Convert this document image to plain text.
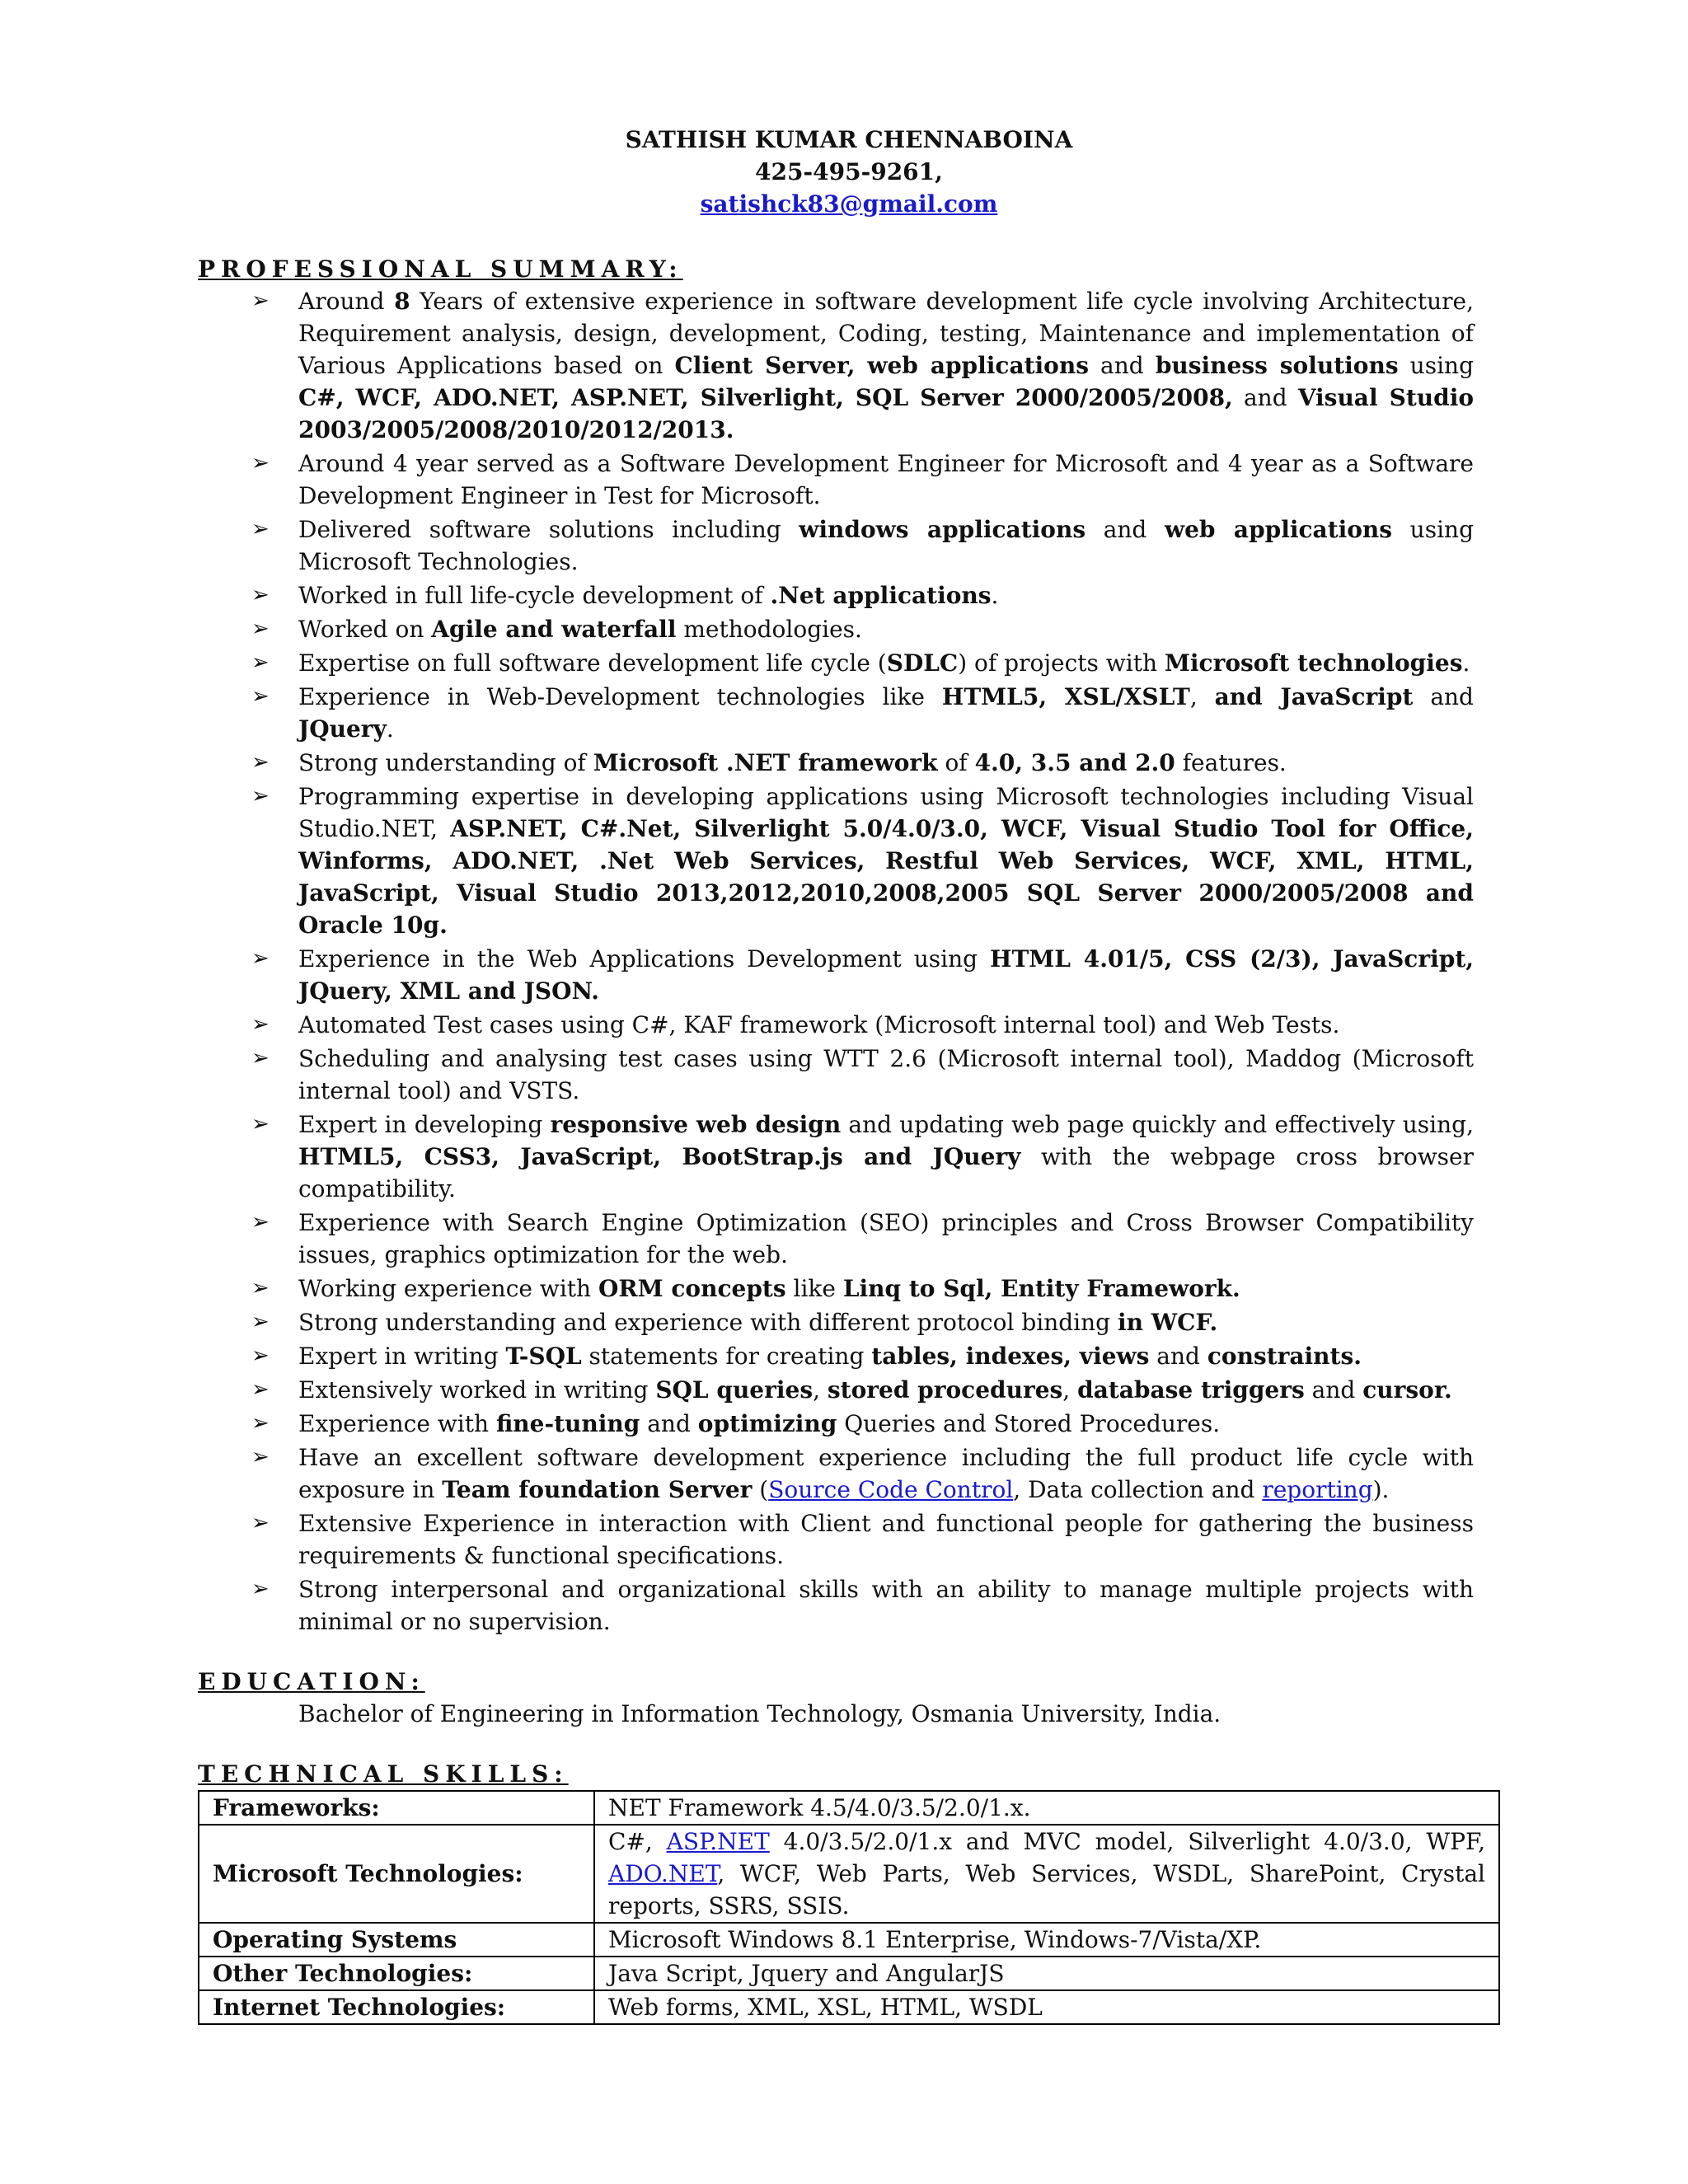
SATHISH KUMAR CHENNABOINA
425-495-9261,
satishck83@gmail.com
PROFESSIONAL SUMMARY:
➢ Around 8 Years of extensive experience in software development life cycle involving Architecture, Requirement analysis, design, development, Coding, testing, Maintenance and implementation of Various Applications based on Client Server, web applications and business solutions using C#, WCF, ADO.NET, ASP.NET, Silverlight, SQL Server 2000/2005/2008, and Visual Studio 2003/2005/2008/2010/2012/2013.
➢ Around 4 year served as a Software Development Engineer for Microsoft and 4 year as a Software Development Engineer in Test for Microsoft.
➢ Delivered software solutions including windows applications and web applications using Microsoft Technologies.
➢ Worked in full life-cycle development of .Net applications.
➢ Worked on Agile and waterfall methodologies.
➢ Expertise on full software development life cycle (SDLC) of projects with Microsoft technologies.
➢ Experience in Web-Development technologies like HTML5, XSL/XSLT, and JavaScript and JQuery.
➢ Strong understanding of Microsoft .NET framework of 4.0, 3.5 and 2.0 features.
➢ Programming expertise in developing applications using Microsoft technologies including Visual Studio.NET, ASP.NET, C#.Net, Silverlight 5.0/4.0/3.0, WCF, Visual Studio Tool for Office, Winforms, ADO.NET, .Net Web Services, Restful Web Services, WCF, XML, HTML, JavaScript, Visual Studio 2013,2012,2010,2008,2005 SQL Server 2000/2005/2008 and Oracle 10g.
➢ Experience in the Web Applications Development using HTML 4.01/5, CSS (2/3), JavaScript, JQuery, XML and JSON.
➢ Automated Test cases using C#, KAF framework (Microsoft internal tool) and Web Tests.
➢ Scheduling and analysing test cases using WTT 2.6 (Microsoft internal tool), Maddog (Microsoft internal tool) and VSTS.
➢ Expert in developing responsive web design and updating web page quickly and effectively using, HTML5, CSS3, JavaScript, BootStrap.js and JQuery with the webpage cross browser compatibility.
➢ Experience with Search Engine Optimization (SEO) principles and Cross Browser Compatibility issues, graphics optimization for the web.
➢ Working experience with ORM concepts like Linq to Sql, Entity Framework.
➢ Strong understanding and experience with different protocol binding in WCF.
➢ Expert in writing T-SQL statements for creating tables, indexes, views and constraints.
➢ Extensively worked in writing SQL queries, stored procedures, database triggers and cursor.
➢ Experience with fine-tuning and optimizing Queries and Stored Procedures.
➢ Have an excellent software development experience including the full product life cycle with exposure in Team foundation Server (Source Code Control, Data collection and reporting).
➢ Extensive Experience in interaction with Client and functional people for gathering the business requirements & functional specifications.
➢ Strong interpersonal and organizational skills with an ability to manage multiple projects with minimal or no supervision.
EDUCATION:
Bachelor of Engineering in Information Technology, Osmania University, India.
TECHNICAL SKILLS:
Frameworks:	NET Framework 4.5/4.0/3.5/2.0/1.x.
Microsoft Technologies:	C#, ASP.NET 4.0/3.5/2.0/1.x and MVC model, Silverlight 4.0/3.0, WPF, ADO.NET, WCF, Web Parts, Web Services, WSDL, SharePoint, Crystal reports, SSRS, SSIS.
Operating Systems	Microsoft Windows 8.1 Enterprise, Windows-7/Vista/XP.
Other Technologies:	Java Script, Jquery and AngularJS
Internet Technologies:	Web forms, XML, XSL, HTML, WSDL
